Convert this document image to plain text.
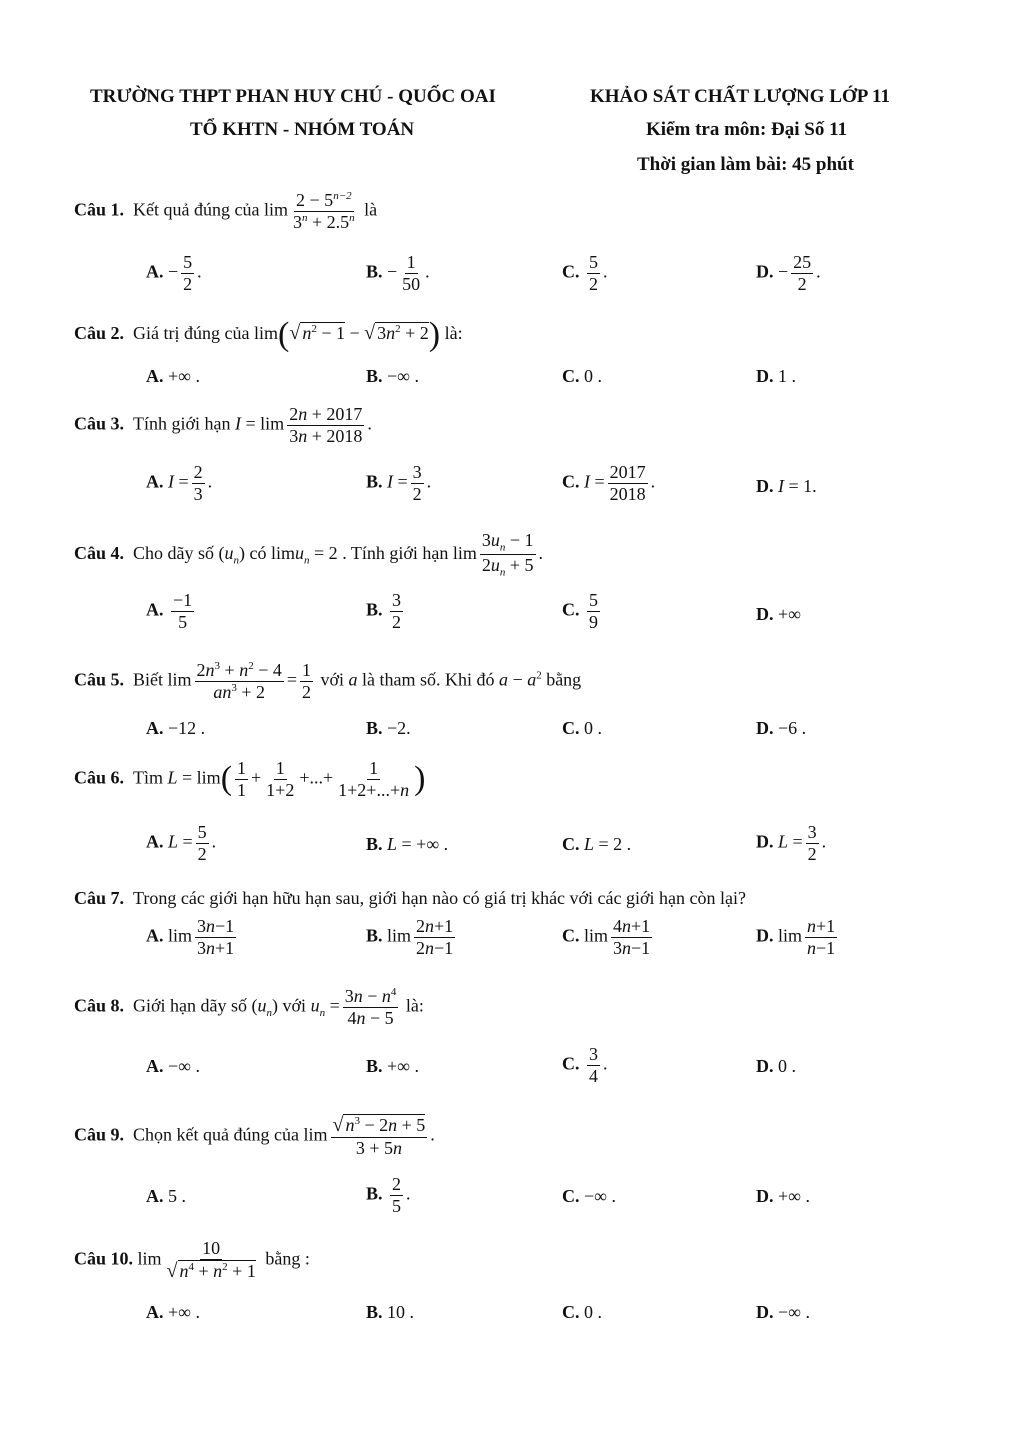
TRƯỜNG THPT PHAN HUY CHÚ - QUỐC OAI
TỔ KHTN - NHÓM TOÁN
KHẢO SÁT CHẤT LƯỢNG LỚP 11
Kiểm tra môn: Đại Số 11
Thời gian làm bài: 45 phút
Câu 1. Kết quả đúng của $\lim \frac{2 - 5^{n-2}}{3^n + 2.5^n}$ là
A. − $\frac{5}{2}$ .	B. − $\frac{1}{50}$ .	C. $\frac{5}{2}$ .	D. − $\frac{25}{2}$ .
Câu 2. Giá trị đúng của lim(√ $n^2 - 1$ − √ $3n^2 + 2$) là:
A. +∞ .	B. −∞ .	C. 0 .	D. 1 .
Câu 3. Tính giới hạn $I = \lim \frac{2n + 2017}{3n + 2018}$ .
A. $I = \frac{2}{3}$ .	B. $I = \frac{3}{2}$ .	C. $I = \frac{2017}{2018}$ .	D. I = 1.
Câu 4. Cho dãy số $(u_n)$ có limu$_n$ = 2 . Tính giới hạn $\lim \frac{3u_n - 1}{2u_n + 5}$ .
A. $\frac{-1}{5}$	B. $\frac{3}{2}$	C. $\frac{5}{9}$	D. +∞
Câu 5. Biết $\lim \frac{2n^3 + n^2 - 4}{an^3 + 2} = \frac{1}{2}$ với a là tham số. Khi đó $a - a^2$ bằng
A. −12 .	B. −2.	C. 0 .	D. −6 .
Câu 6. Tìm $L = \lim( \frac{1}{1} + \frac{1}{1+2}$ +...+ $\frac{1}{1+2+...+n}$ )
A. $L = \frac{5}{2}$ .	B. L = +∞ .	C. L = 2 .	D. $L = \frac{3}{2}$ .
Câu 7. Trong các giới hạn hữu hạn sau, giới hạn nào có giá trị khác với các giới hạn còn lại?
A. $\lim \frac{3n-1}{3n+1}$	B. $\lim \frac{2n+1}{2n-1}$	C. $\lim \frac{4n+1}{3n-1}$	D. $\lim \frac{n+1}{n-1}$
Câu 8. Giới hạn dãy số $(u_n)$ với $u_n = \frac{3n - n^4}{4n - 5}$ là:
A. −∞ .	B. +∞ .	C. $\frac{3}{4}$ .	D. 0 .
Câu 9. Chọn kết quả đúng của $\lim \frac{√ n^3 - 2n + 5}{3 + 5n}$ .
A. 5 .	B. $\frac{2}{5}$ .	C. −∞ .	D. +∞ .
Câu 10. $\lim \frac{10}{√ n^4 + n^2 + 1}$ bằng :
A. +∞ .	B. 10 .	C. 0 .	D. −∞ .
